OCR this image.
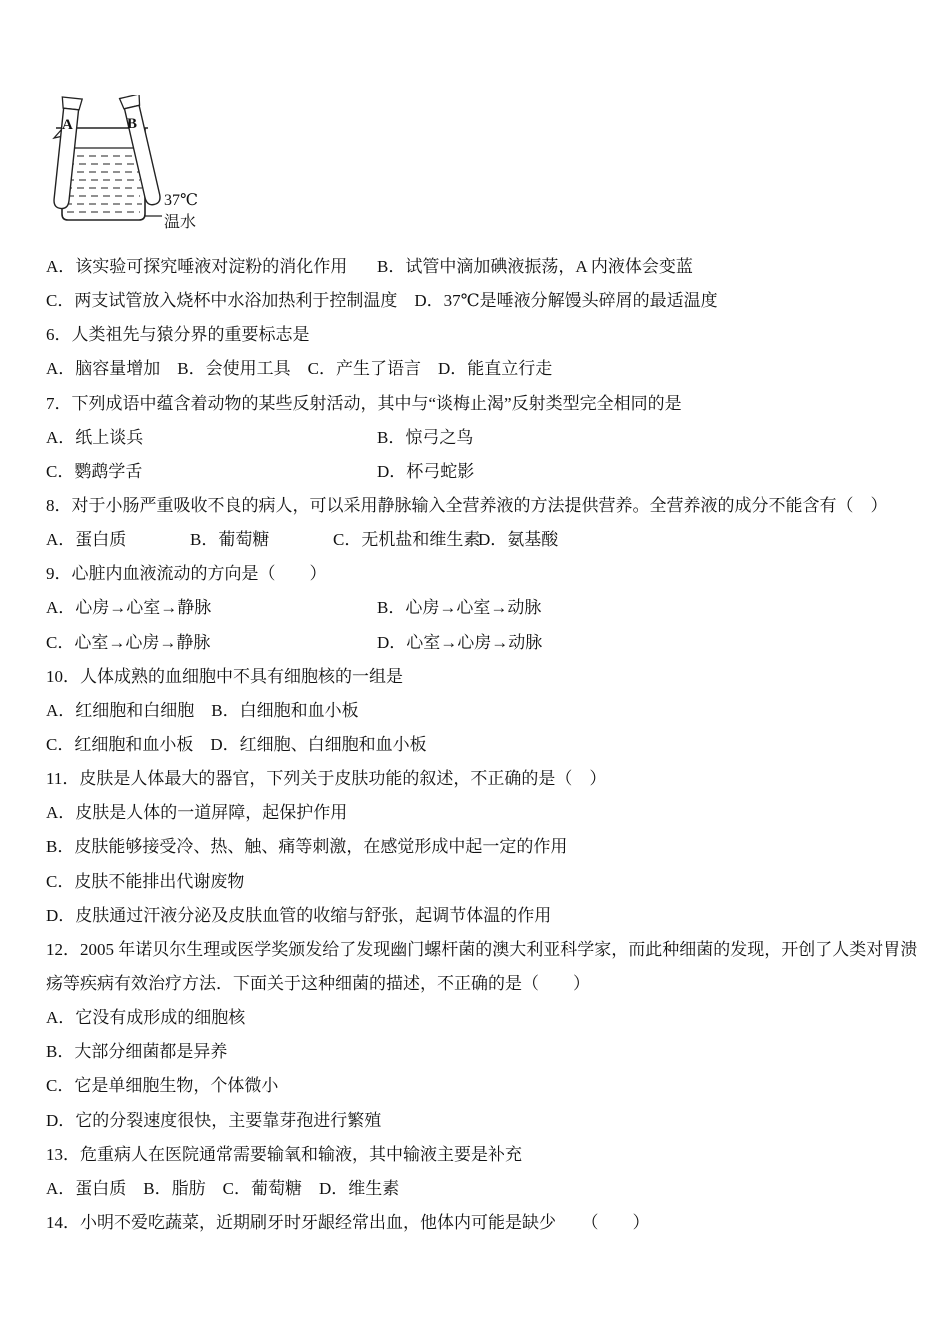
A	B
37℃
温水
A．该实验可探究唾液对淀粉的消化作用 B．试管中滴加碘液振荡，A 内液体会变蓝
C．两支试管放入烧杯中水浴加热利于控制温度　D．37℃是唾液分解馒头碎屑的最适温度
6．人类祖先与猿分界的重要标志是
A．脑容量增加　B．会使用工具　C．产生了语言　D．能直立行走
7．下列成语中蕴含着动物的某些反射活动，其中与“谈梅止渴”反射类型完全相同的是
A．纸上谈兵	B．惊弓之鸟
C．鹦鹉学舌	D．杯弓蛇影
8．对于小肠严重吸收不良的病人，可以采用静脉输入全营养液的方法提供营养。全营养液的成分不能含有（　）
A．蛋白质	B．葡萄糖	C．无机盐和维生素D．氨基酸
9．心脏内血液流动的方向是（　　）
A．心房→心室→静脉	B．心房→心室→动脉
C．心室→心房→静脉	D．心室→心房→动脉
10．人体成熟的血细胞中不具有细胞核的一组是
A．红细胞和白细胞　B．白细胞和血小板
C．红细胞和血小板　D．红细胞、白细胞和血小板
11．皮肤是人体最大的器官，下列关于皮肤功能的叙述，不正确的是（　）
A．皮肤是人体的一道屏障，起保护作用
B．皮肤能够接受冷、热、触、痛等刺激，在感觉形成中起一定的作用
C．皮肤不能排出代谢废物
D．皮肤通过汗液分泌及皮肤血管的收缩与舒张，起调节体温的作用
12．2005 年诺贝尔生理或医学奖颁发给了发现幽门螺杆菌的澳大利亚科学家，而此种细菌的发现，开创了人类对胃溃
疡等疾病有效治疗方法．下面关于这种细菌的描述，不正确的是（　　）
A．它没有成形成的细胞核
B．大部分细菌都是异养
C．它是单细胞生物，个体微小
D．它的分裂速度很快，主要靠芽孢进行繁殖
13．危重病人在医院通常需要输氧和输液，其中输液主要是补充
A．蛋白质　B．脂肪　C．葡萄糖　D．维生素
14．小明不爱吃蔬菜，近期刷牙时牙龈经常出血，他体内可能是缺少　　（　　）
